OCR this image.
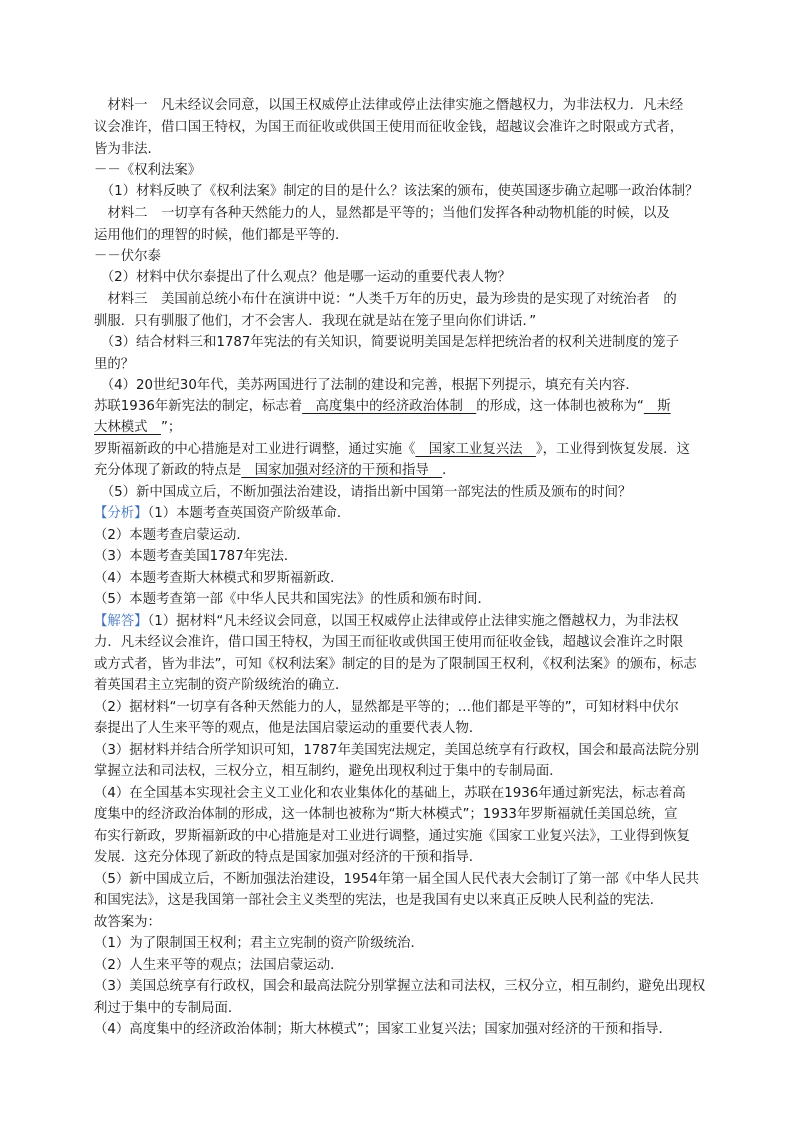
　材料一　凡未经议会同意，以国王权威停止法律或停止法律实施之僭越权力，为非法权力．凡未经
议会准许，借口国王特权，为国王而征收或供国王使用而征收金钱，超越议会准许之时限或方式者，
皆为非法．
－－《权利法案》
　（1）材料反映了《权利法案》制定的目的是什么？该法案的颁布，使英国逐步确立起哪一政治体制？
　材料二　一切享有各种天然能力的人，显然都是平等的；当他们发挥各种动物机能的时候，以及
运用他们的理智的时候，他们都是平等的．
－－伏尔泰
　（2）材料中伏尔泰提出了什么观点？他是哪一运动的重要代表人物？
　材料三　美国前总统小布什在演讲中说：“人类千万年的历史，最为珍贵的是实现了对统治者　的
驯服．只有驯服了他们，才不会害人．我现在就是站在笼子里向你们讲话．”
　（3）结合材料三和1787年宪法的有关知识，简要说明美国是怎样把统治者的权利关进制度的笼子
里的？
　（4）20世纪30年代，美苏两国进行了法制的建设和完善，根据下列提示，填充有关内容．
苏联1936年新宪法的制定，标志着　高度集中的经济政治体制　的形成，这一体制也被称为“　斯
大林模式　”；
罗斯福新政的中心措施是对工业进行调整，通过实施《　国家工业复兴法　》，工业得到恢复发展．这
充分体现了新政的特点是　国家加强对经济的干预和指导　．
　（5）新中国成立后，不断加强法治建设，请指出新中国第一部宪法的性质及颁布的时间？
【分析】（1）本题考查英国资产阶级革命．
（2）本题考查启蒙运动．
（3）本题考查美国1787年宪法．
（4）本题考查斯大林模式和罗斯福新政．
（5）本题考查第一部《中华人民共和国宪法》的性质和颁布时间．
【解答】（1）据材料“凡未经议会同意，以国王权威停止法律或停止法律实施之僭越权力，为非法权
力．凡未经议会准许，借口国王特权，为国王而征收或供国王使用而征收金钱，超越议会准许之时限
或方式者，皆为非法”，可知《权利法案》制定的目的是为了限制国王权利，《权利法案》的颁布，标志
着英国君主立宪制的资产阶级统治的确立．
（2）据材料“一切享有各种天然能力的人，显然都是平等的；…他们都是平等的”，可知材料中伏尔
泰提出了人生来平等的观点，他是法国启蒙运动的重要代表人物．
（3）据材料并结合所学知识可知，1787年美国宪法规定，美国总统享有行政权，国会和最高法院分别
掌握立法和司法权，三权分立，相互制约，避免出现权利过于集中的专制局面．
（4）在全国基本实现社会主义工业化和农业集体化的基础上，苏联在1936年通过新宪法，标志着高
度集中的经济政治体制的形成，这一体制也被称为“斯大林模式”；1933年罗斯福就任美国总统，宣
布实行新政，罗斯福新政的中心措施是对工业进行调整，通过实施《国家工业复兴法》，工业得到恢复
发展．这充分体现了新政的特点是国家加强对经济的干预和指导．
（5）新中国成立后，不断加强法治建设，1954年第一届全国人民代表大会制订了第一部《中华人民共
和国宪法》，这是我国第一部社会主义类型的宪法，也是我国有史以来真正反映人民利益的宪法．
故答案为：
（1）为了限制国王权利；君主立宪制的资产阶级统治．
（2）人生来平等的观点；法国启蒙运动．
（3）美国总统享有行政权，国会和最高法院分别掌握立法和司法权，三权分立，相互制约，避免出现权
利过于集中的专制局面．
（4）高度集中的经济政治体制；斯大林模式”；国家工业复兴法；国家加强对经济的干预和指导．
